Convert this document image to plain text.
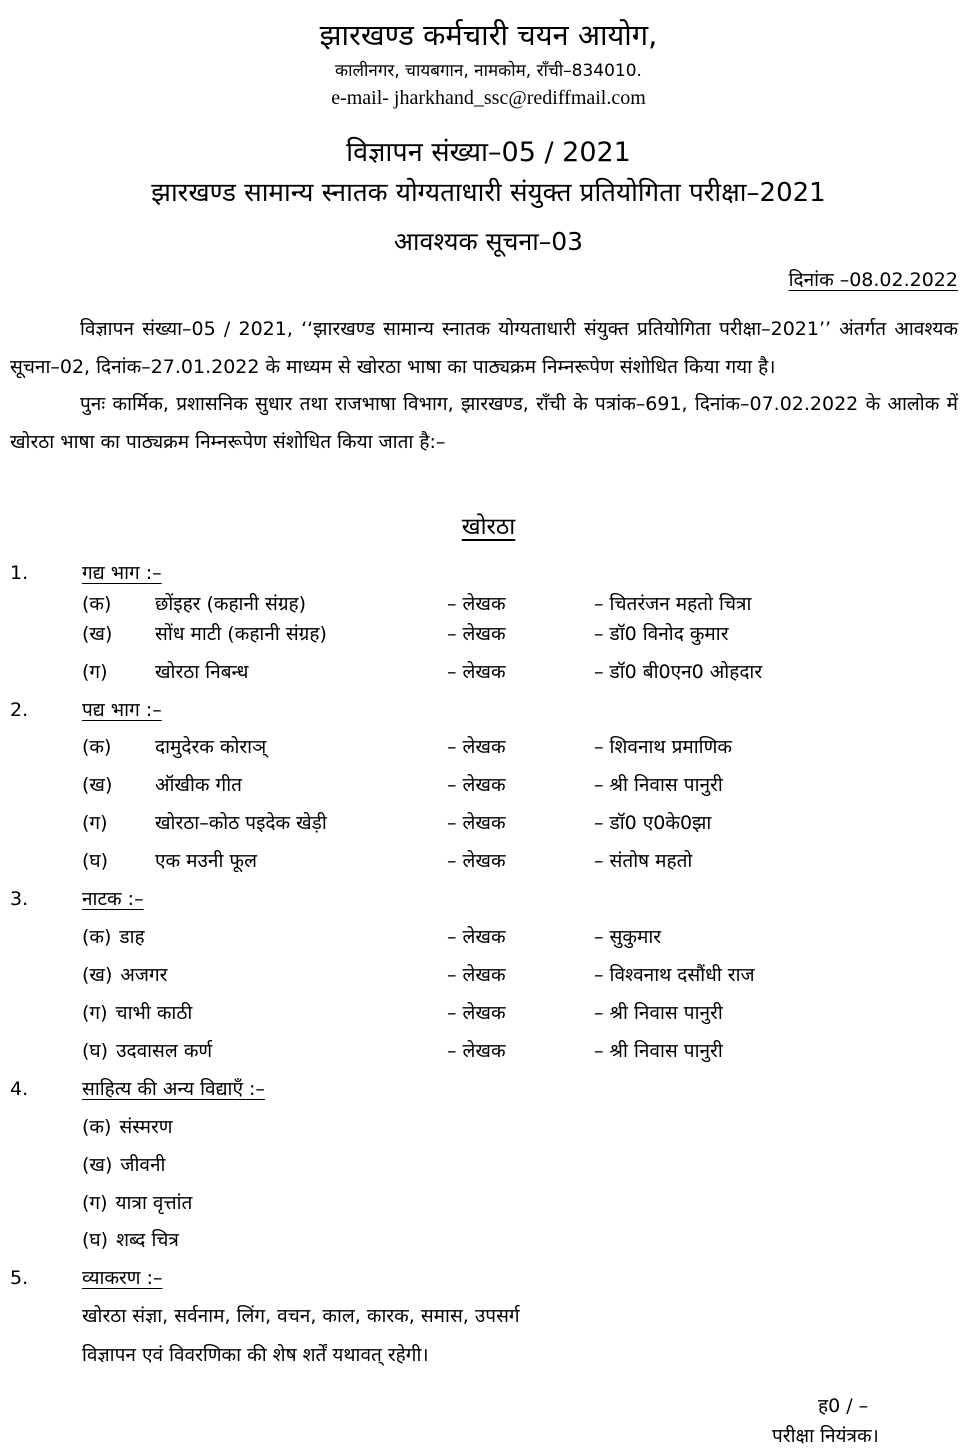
झारखण्ड कर्मचारी चयन आयोग,
कालीनगर, चायबगान, नामकोम, राँची–834010.
e-mail- jharkhand_ssc@rediffmail.com
विज्ञापन संख्या–05 / 2021
झारखण्ड सामान्य स्नातक योग्यताधारी संयुक्त प्रतियोगिता परीक्षा–2021
आवश्यक सूचना–03
दिनांक –08.02.2022

विज्ञापन संख्या–05 / 2021, ‘‘झारखण्ड सामान्य स्नातक योग्यताधारी संयुक्त प्रतियोगिता परीक्षा–2021’’ अंतर्गत आवश्यक सूचना–02, दिनांक–27.01.2022 के माध्यम से खोरठा भाषा का पाठ्यक्रम निम्नरूपेण संशोधित किया गया है।

पुनः कार्मिक, प्रशासनिक सुधार तथा राजभाषा विभाग, झारखण्ड, राँची के पत्रांक–691, दिनांक–07.02.2022 के आलोक में खोरठा भाषा का पाठ्यक्रम निम्नरूपेण संशोधित किया जाता है:–

खोरठा
1.	गद्य भाग :–
(क) छोंइहर (कहानी संग्रह)	– लेखक	– चितरंजन महतो चित्रा
(ख) सोंध माटी (कहानी संग्रह)	– लेखक	– डॉ0 विनोद कुमार
(ग) खोरठा निबन्ध	– लेखक	– डॉ0 बी0एन0 ओहदार
2.	पद्य भाग :–
(क) दामुदेरक कोराञ्	– लेखक	– शिवनाथ प्रमाणिक
(ख) ऑखीक गीत	– लेखक	– श्री निवास पानुरी
(ग) खोरठा–कोठ पइदेक खेड़ी	– लेखक	– डॉ0 ए0के0झा
(घ) एक मउनी फूल	– लेखक	– संतोष महतो
3.	नाटक :–
(क) डाह	– लेखक	– सुकुमार
(ख) अजगर	– लेखक	– विश्वनाथ दसौंधी राज
(ग) चाभी काठी	– लेखक	– श्री निवास पानुरी
(घ) उदवासल कर्ण	– लेखक	– श्री निवास पानुरी
4.	साहित्य की अन्य विद्याएँ :–
(क) संस्मरण
(ख) जीवनी
(ग) यात्रा वृत्तांत
(घ) शब्द चित्र
5.	व्याकरण :–
खोरठा संज्ञा, सर्वनाम, लिंग, वचन, काल, कारक, समास, उपसर्ग
विज्ञापन एवं विवरणिका की शेष शर्तें यथावत् रहेगी।
ह0 / –
परीक्षा नियंत्रक।
